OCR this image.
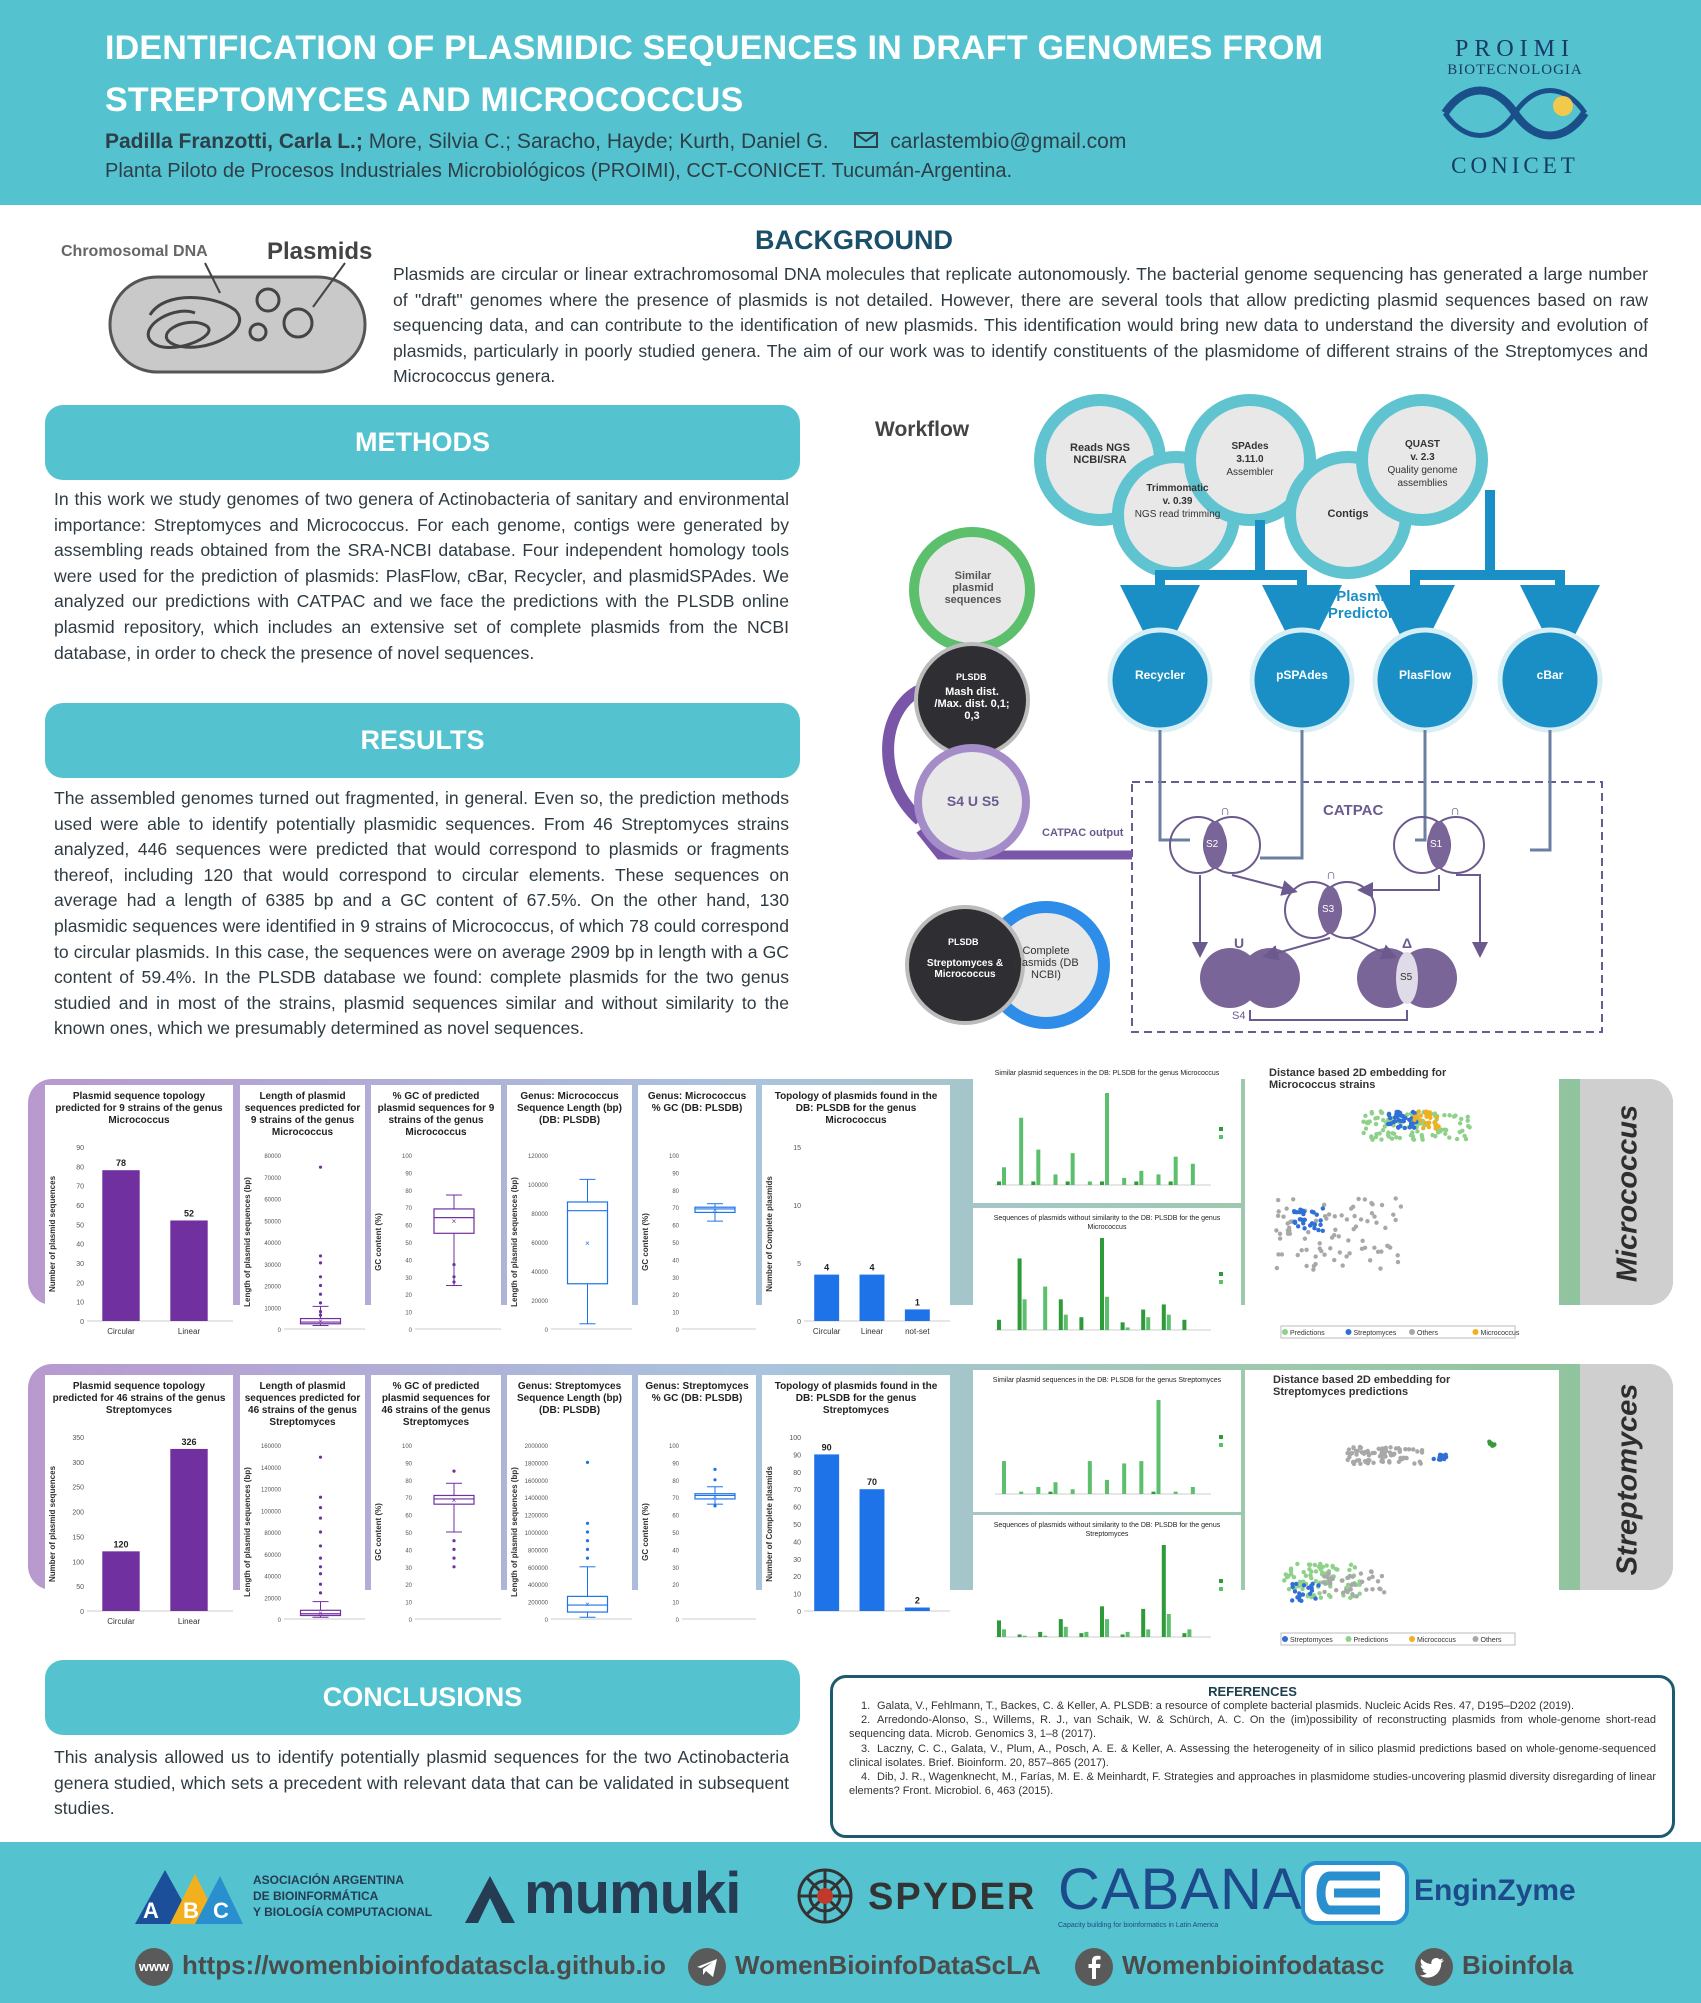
IDENTIFICATION OF PLASMIDIC SEQUENCES IN DRAFT GENOMES FROM
STREPTOMYCES AND MICROCOCCUS
Padilla Franzotti, Carla L.; More, Silvia C.; Saracho, Hayde; Kurth, Daniel G.	carlastembio@gmail.com
Planta Piloto de Procesos Industriales Microbiológicos (PROIMI), CCT-CONICET. Tucumán-Argentina.
PROIMI
BIOTECNOLOGIA
CONICET
Chromosomal DNA Plasmids	BACKGROUND
Plasmids are circular or linear extrachromosomal DNA molecules that replicate autonomously. The bacterial genome sequencing has generated a large number of "draft" genomes where the presence of plasmids is not detailed. However, there are several tools that allow predicting plasmid sequences based on raw sequencing data, and can contribute to the identification of new plasmids. This identification would bring new data to understand the diversity and evolution of plasmids, particularly in poorly studied genera. The aim of our work was to identify constituents of the plasmidome of different strains of the Streptomyces and Micrococcus genera.
METHODS
In this work we study genomes of two genera of Actinobacteria of sanitary and environmental importance: Streptomyces and Micrococcus. For each genome, contigs were generated by assembling reads obtained from the SRA-NCBI database. Four independent homology tools were used for the prediction of plasmids: PlasFlow, cBar, Recycler, and plasmidSPAdes. We analyzed our predictions with CATPAC and we face the predictions with the PLSDB online plasmid repository, which includes an extensive set of complete plasmids from the NCBI database, in order to check the presence of novel sequences.
RESULTS
The assembled genomes turned out fragmented, in general. Even so, the prediction methods used were able to identify potentially plasmidic sequences. From 46 Streptomyces strains analyzed, 446 sequences were predicted that would correspond to plasmids or fragments thereof, including 120 that would correspond to circular elements. These sequences on average had a length of 6385 bp and a GC content of 67.5%. On the other hand, 130 plasmidic sequences were identified in 9 strains of Micrococcus, of which 78 could correspond to circular plasmids. In this case, the sequences were on average 2909 bp in length with a GC content of 59.4%. In the PLSDB database we found: complete plasmids for the two genus studied and in most of the strains, plasmid sequences similar and without similarity to the known ones, which we presumably determined as novel sequences.
Workflow
Reads NGS NCBI/SRA
Trimmomatic
v. 0.39
NGS read trimming
SPAdes
3.11.0
Assembler
Contigs
QUAST
v. 2.3
Quality genome assemblies
Plasmid Predictors
Recycler	pSPAdes	PlasFlow	cBar
CATPAC
CATPAC output
S2	S1
S3
S4
S5
∩	∩
∩
U	Δ
Similar plasmid sequences
PLSDB
Mash dist. /Max. dist. 0,1; 0,3
S4 U S5
PLSDB
Streptomyces & Micrococcus
Complete plasmids (DB NCBI)
Micrococcus
Streptomyces
Plasmid sequence topology predicted for 9 strains of the genus Micrococcus
0
10
20
30
40
50
60
70
80
90
Number of plasmid sequences
78
Circular
52
Linear
Length of plasmid sequences predicted for 9 strains of the genus Micrococcus
0
10000
20000
30000
40000
50000
60000
70000
80000
Length of plasmid sequences (bp)
×
% GC of predicted plasmid sequences for 9 strains of the genus Micrococcus
0
10
20
30
40
50
60
70
80
90
100
GC content (%)	×
Genus: Micrococcus Sequence Length (bp) (DB: PLSDB)
0
20000
40000
60000
80000
100000
120000
Length of plasmid sequences (bp)	×
Genus: Micrococcus % GC (DB: PLSDB)
0
10
20
30
40
50
60
70
80
90
100
GC content (%)
×
Topology of plasmids found in the DB: PLSDB for the genus Micrococcus
0
5
10
15
Number of Complete plasmids	4
Circular
4
Linear
1
not-set
Similar plasmid sequences in the DB: PLSDB for the genus Micrococcus
Sequences of plasmids without similarity to the DB: PLSDB for the genus Micrococcus
Distance based 2D embedding for Micrococcus strains
Predictions	Streptomyces	Others	Micrococcus
Plasmid sequence topology predicted for 46 strains of the genus Streptomyces
0
50
100
150
200
250
300
350
Number of plasmid sequences	120
Circular
326
Linear
Length of plasmid sequences predicted for 46 strains of the genus Streptomyces
0
20000
40000
60000
80000
100000
120000
140000
160000
Length of plasmid sequences (bp)
×
% GC of predicted plasmid sequences for 46 strains of the genus Streptomyces
0
10
20
30
40
50
60
70
80
90
100
GC content (%)
×
Genus: Streptomyces Sequence Length (bp) (DB: PLSDB)
0
200000
400000
600000
800000
1000000
1200000
1400000
1600000
1800000
2000000
Length of plasmid sequences (bp)
×
Genus: Streptomyces % GC (DB: PLSDB)
0
10
20
30
40
50
60
70
80
90
100
GC content (%)
×
Topology of plasmids found in the DB: PLSDB for the genus Streptomyces
0
10
20
30
40
50
60
70
80
90
100
Number of Complete plasmids
90
70
2
Similar plasmid sequences in the DB: PLSDB for the genus Streptomyces
Sequences of plasmids without similarity to the DB: PLSDB for the genus Streptomyces
Distance based 2D embedding for Streptomyces predictions
Streptomyces	Predictions	Micrococcus	Others
CONCLUSIONS
This analysis allowed us to identify potentially plasmid sequences for the two Actinobacteria genera studied, which sets a precedent with relevant data that can be validated in subsequent studies.
REFERENCES
1. Galata, V., Fehlmann, T., Backes, C. & Keller, A. PLSDB: a resource of complete bacterial plasmids. Nucleic Acids Res. 47, D195–D202 (2019).
2. Arredondo-Alonso, S., Willems, R. J., van Schaik, W. & Schürch, A. C. On the (im)possibility of reconstructing plasmids from whole-genome short-read sequencing data. Microb. Genomics 3, 1–8 (2017).
3. Laczny, C. C., Galata, V., Plum, A., Posch, A. E. & Keller, A. Assessing the heterogeneity of in silico plasmid predictions based on whole-genome-sequenced clinical isolates. Brief. Bioinform. 20, 857–865 (2017).
4. Dib, J. R., Wagenknecht, M., Farías, M. E. & Meinhardt, F. Strategies and approaches in plasmidome studies-uncovering plasmid diversity disregarding of linear elements? Front. Microbiol. 6, 463 (2015).
A B C
ASOCIACIÓN ARGENTINA
DE BIOINFORMÁTICA
Y BIOLOGÍA COMPUTACIONAL mumuki	SPYDER CABANA
Capacity building for bioinformatics in Latin America
EnginZyme
www https://womenbioinfodatascla.github.io	WomenBioinfoDataScLA	Womenbioinfodatasc	Bioinfola
